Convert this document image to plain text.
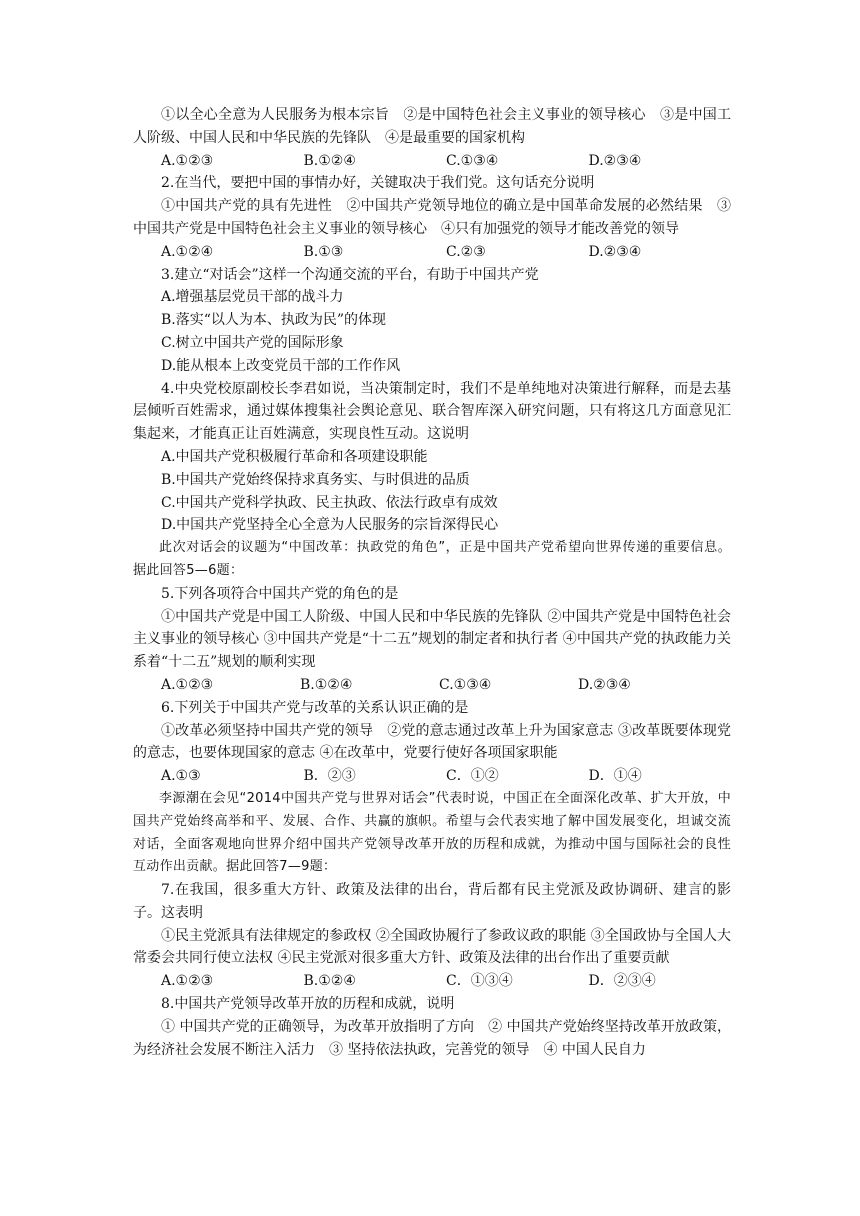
①以全心全意为人民服务为根本宗旨　②是中国特色社会主义事业的领导核心　③是中国工人阶级、中国人民和中华民族的先锋队　④是最重要的国家机构

A.①②③	B.①②④	C.①③④	D.②③④

2.在当代，要把中国的事情办好，关键取决于我们党。这句话充分说明

①中国共产党的具有先进性　②中国共产党领导地位的确立是中国革命发展的必然结果　③中国共产党是中国特色社会主义事业的领导核心　④只有加强党的领导才能改善党的领导

A.①②④	B.①③	C.②③	D.②③④

3.建立“对话会”这样一个沟通交流的平台，有助于中国共产党

A.增强基层党员干部的战斗力

B.落实“以人为本、执政为民”的体现

C.树立中国共产党的国际形象

D.能从根本上改变党员干部的工作作风

4.中央党校原副校长李君如说，当决策制定时，我们不是单纯地对决策进行解释，而是去基层倾听百姓需求，通过媒体搜集社会舆论意见、联合智库深入研究问题，只有将这几方面意见汇集起来，才能真正让百姓满意，实现良性互动。这说明

A.中国共产党积极履行革命和各项建设职能

B.中国共产党始终保持求真务实、与时俱进的品质

C.中国共产党科学执政、民主执政、依法行政卓有成效

D.中国共产党坚持全心全意为人民服务的宗旨深得民心

此次对话会的议题为“中国改革：执政党的角色”，正是中国共产党希望向世界传递的重要信息。据此回答5—6题：

5.下列各项符合中国共产党的角色的是

①中国共产党是中国工人阶级、中国人民和中华民族的先锋队 ②中国共产党是中国特色社会主义事业的领导核心 ③中国共产党是“十二五”规划的制定者和执行者 ④中国共产党的执政能力关系着“十二五”规划的顺利实现

A.①②③	B.①②④	C.①③④	D.②③④

6.下列关于中国共产党与改革的关系认识正确的是

①改革必须坚持中国共产党的领导　②党的意志通过改革上升为国家意志 ③改革既要体现党的意志，也要体现国家的意志 ④在改革中，党要行使好各项国家职能

A.①③	B．②③	C．①②	D．①④

李源潮在会见“2014中国共产党与世界对话会”代表时说，中国正在全面深化改革、扩大开放，中国共产党始终高举和平、发展、合作、共赢的旗帜。希望与会代表实地了解中国发展变化，坦诚交流对话，全面客观地向世界介绍中国共产党领导改革开放的历程和成就，为推动中国与国际社会的良性互动作出贡献。据此回答7—9题：

7.在我国，很多重大方针、政策及法律的出台，背后都有民主党派及政协调研、建言的影子。这表明

①民主党派具有法律规定的参政权 ②全国政协履行了参政议政的职能 ③全国政协与全国人大常委会共同行使立法权 ④民主党派对很多重大方针、政策及法律的出台作出了重要贡献

A.①②③	B.①②④	C．①③④	D．②③④

8.中国共产党领导改革开放的历程和成就，说明

① 中国共产党的正确领导，为改革开放指明了方向　② 中国共产党始终坚持改革开放政策，为经济社会发展不断注入活力　③ 坚持依法执政，完善党的领导　④ 中国人民自力
